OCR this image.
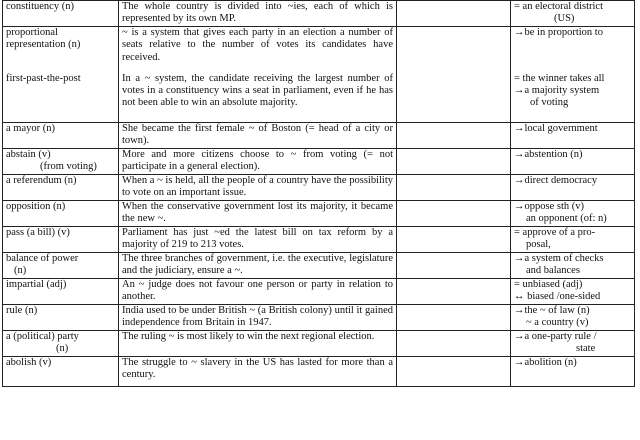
constituency (n)	The whole country is divided into ~ies, each of which is represented by its own MP.		= an electoral district
(US)

proportional
representation (n)	~ is a system that gives each party in an election a number of seats relative to the number of votes its candidates have received.		→be in proportion to

first-past-the-post	In a ~ system, the candidate receiving the largest number of votes in a constituency wins a seat in parliament, even if he has not been able to win an absolute majority.		= the winner takes all
→a majority system
of voting

a mayor (n)	She became the first female ~ of Boston (= head of a city or town).		→local government

abstain (v)
(from voting)	More and more citizens choose to ~ from voting (= not participate in a general election).		→abstention (n)

a referendum (n)	When a ~ is held, all the people of a country have the possibility to vote on an important issue.		→direct democracy

opposition (n)	When the conservative government lost its majority, it became the new ~.		→oppose sth (v)
an opponent (of: n)

pass (a bill) (v)	Parliament has just ~ed the latest bill on tax reform by a majority of 219 to 213 votes.		= approve of a pro-
posal,

balance of power
(n)	The three branches of government, i.e. the executive, legislature and the judiciary, ensure a ~.		→a system of checks
and balances

impartial (adj)	An ~ judge does not favour one person or party in relation to another.		= unbiased (adj)
↔ biased /one-sided

rule (n)	India used to be under British ~ (a British colony) until it gained independence from Britain in 1947.		→the ~ of law (n)
~ a country (v)

a (political) party
(n)	The ruling ~ is most likely to win the next regional election.		→a one-party rule /
state

abolish (v)	The struggle to ~ slavery in the US has lasted for more than a century.		→abolition (n)
